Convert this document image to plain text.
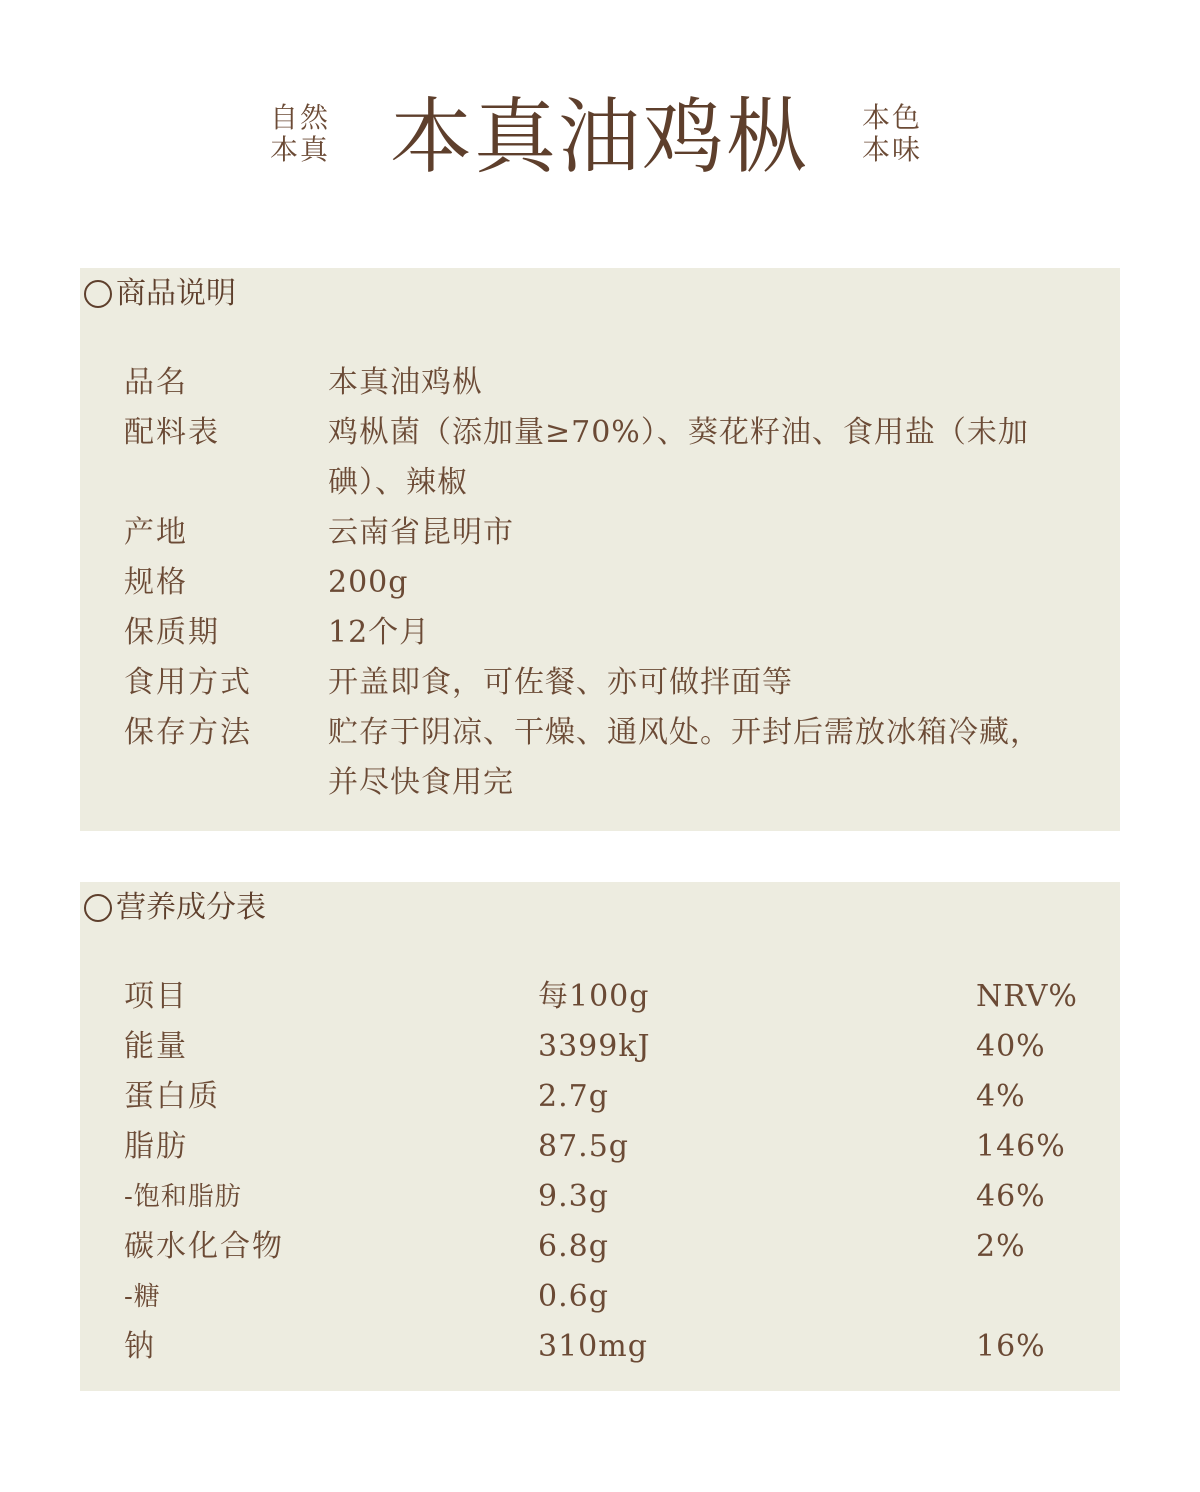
自然
本真 本真油鸡枞	本色
本味
商品说明
品名	本真油鸡枞
配料表	鸡枞菌（添加量≥70%）、葵花籽油、食用盐（未加
碘）、辣椒
产地	云南省昆明市
规格	200g
保质期	12个月
食用方式	开盖即食，可佐餐、亦可做拌面等
保存方法	贮存于阴凉、干燥、通风处。开封后需放冰箱冷藏，
并尽快食用完
营养成分表
项目	每100g	NRV%
能量	3399kJ	40%
蛋白质	2.7g	4%
脂肪	87.5g	146%
-饱和脂肪	9.3g	46%
碳水化合物	6.8g	2%
-糖	0.6g
钠	310mg	16%
